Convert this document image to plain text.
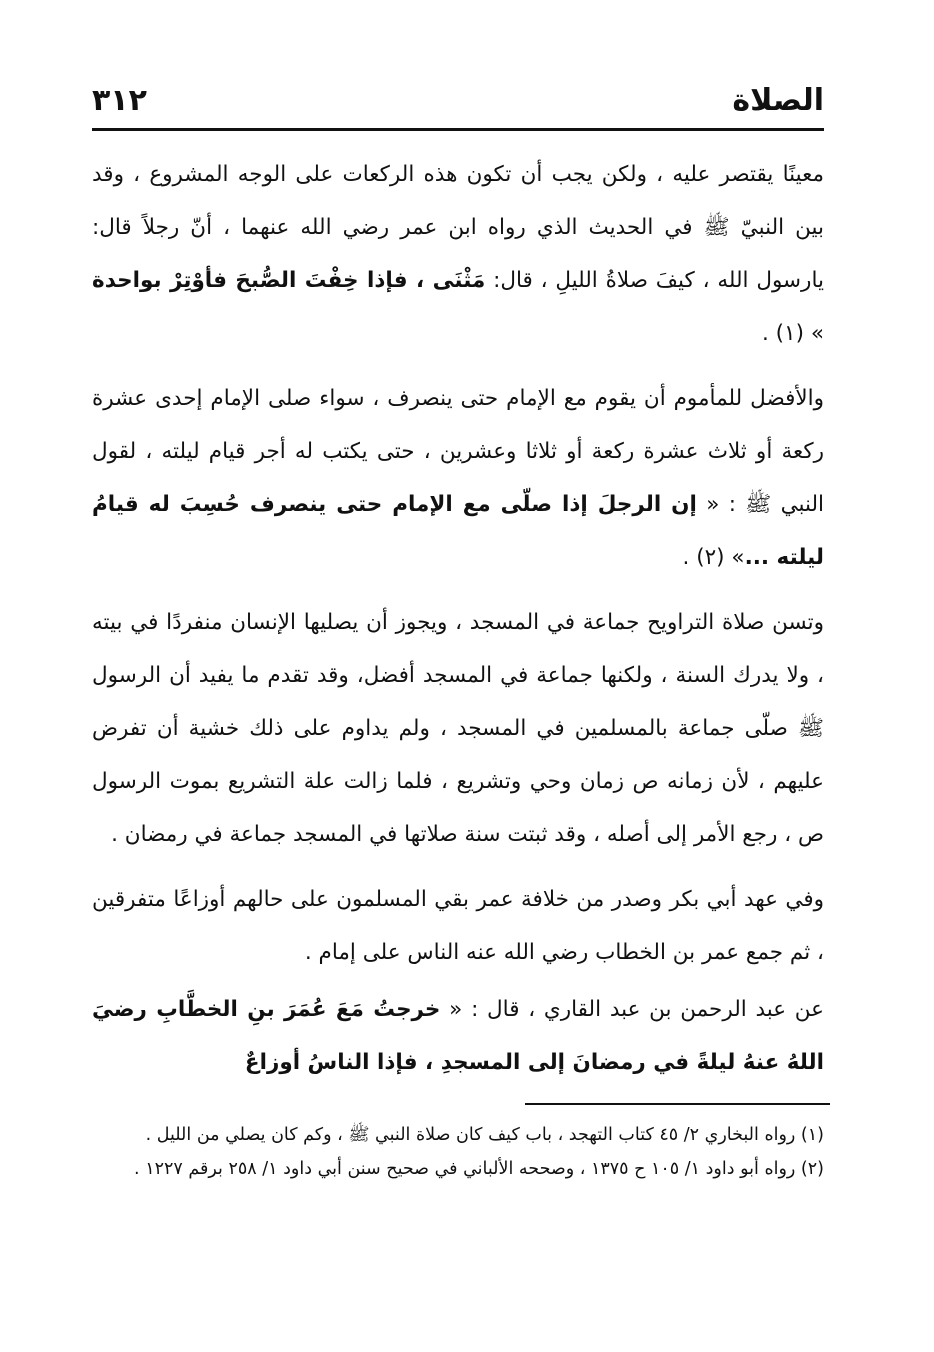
٣١٢	الصلاة

معينًا يقتصر عليه ، ولكن يجب أن تكون هذه الركعات على الوجه المشروع ، وقد بين النبيّ ﷺ في الحديث الذي رواه ابن عمر رضي الله عنهما ، أنّ رجلاً قال: يارسول الله ، كيفَ صلاةُ الليلِ ، قال: مَثْنَى ، فإذا خِفْتَ الصُّبحَ فأوْتِرْ بواحدة » (١) .

والأفضل للمأموم أن يقوم مع الإمام حتى ينصرف ، سواء صلى الإمام إحدى عشرة ركعة أو ثلاث عشرة ركعة أو ثلاثا وعشرين ، حتى يكتب له أجر قيام ليلته ، لقول النبي ﷺ : « إن الرجلَ إذا صلّى مع الإمام حتى ينصرف حُسِبَ له قيامُ ليلته ...» (٢) .

وتسن صلاة التراويح جماعة في المسجد ، ويجوز أن يصليها الإنسان منفردًا في بيته ، ولا يدرك السنة ، ولكنها جماعة في المسجد أفضل، وقد تقدم ما يفيد أن الرسول ﷺ صلّى جماعة بالمسلمين في المسجد ، ولم يداوم على ذلك خشية أن تفرض عليهم ، لأن زمانه ص زمان وحي وتشريع ، فلما زالت علة التشريع بموت الرسول ص ، رجع الأمر إلى أصله ، وقد ثبتت سنة صلاتها في المسجد جماعة في رمضان .

وفي عهد أبي بكر وصدر من خلافة عمر بقي المسلمون على حالهم أوزاعًا متفرقين ، ثم جمع عمر بن الخطاب رضي الله عنه الناس على إمام .

عن عبد الرحمن بن عبد القاري ، قال : « خرجتُ مَعَ عُمَرَ بنِ الخطَّابِ رضيَ اللهُ عنهُ ليلةً في رمضانَ إلى المسجدِ ، فإذا الناسُ أوزاعٌ

(١) رواه البخاري ٢/ ٤٥ كتاب التهجد ، باب كيف كان صلاة النبي ﷺ ، وكم كان يصلي من الليل .

(٢) رواه أبو داود ١/ ١٠٥ ح ١٣٧٥ ، وصححه الألباني في صحيح سنن أبي داود ١/ ٢٥٨ برقم ١٢٢٧ .
